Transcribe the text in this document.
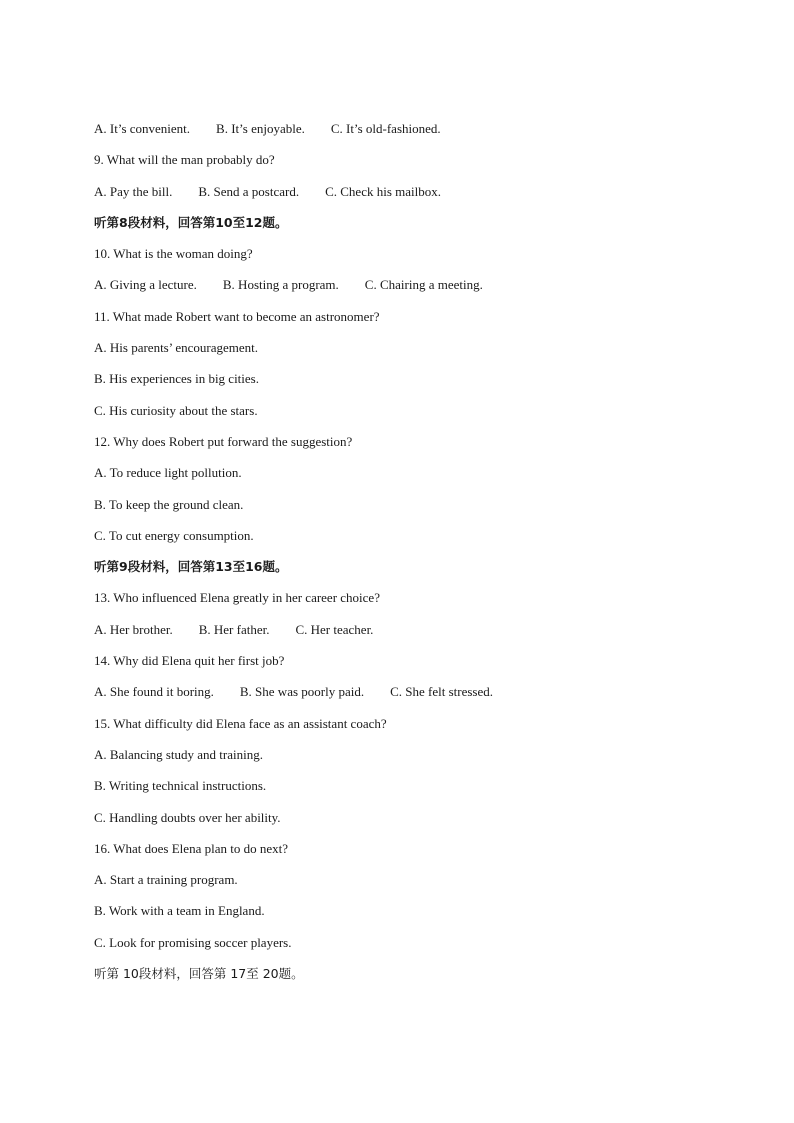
A. It’s convenient. B. It’s enjoyable. C. It’s old-fashioned.
9. What will the man probably do?
A. Pay the bill. B. Send a postcard. C. Check his mailbox.
听第8段材料，回答第10至12题。
10. What is the woman doing?
A. Giving a lecture. B. Hosting a program. C. Chairing a meeting.
11. What made Robert want to become an astronomer?
A. His parents’ encouragement.
B. His experiences in big cities.
C. His curiosity about the stars.
12. Why does Robert put forward the suggestion?
A. To reduce light pollution.
B. To keep the ground clean.
C. To cut energy consumption.
听第9段材料，回答第13至16题。
13. Who influenced Elena greatly in her career choice?
A. Her brother. B. Her father. C. Her teacher.
14. Why did Elena quit her first job?
A. She found it boring. B. She was poorly paid. C. She felt stressed.
15. What difficulty did Elena face as an assistant coach?
A. Balancing study and training.
B. Writing technical instructions.
C. Handling doubts over her ability.
16. What does Elena plan to do next?
A. Start a training program.
B. Work with a team in England.
C. Look for promising soccer players.
听第 10段材料，回答第 17至 20题。
